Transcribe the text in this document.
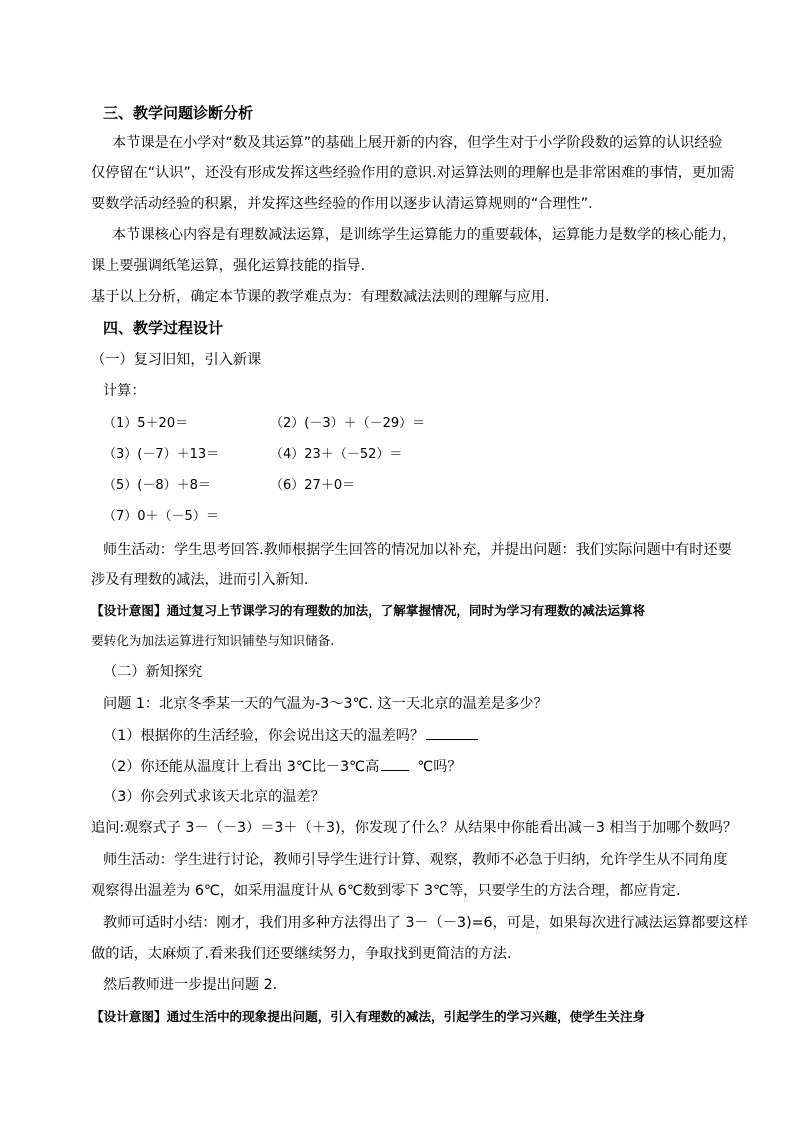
三、教学问题诊断分析
本节课是在小学对“数及其运算”的基础上展开新的内容，但学生对于小学阶段数的运算的认识经验
仅停留在“认识”，还没有形成发挥这些经验作用的意识.对运算法则的理解也是非常困难的事情，更加需
要数学活动经验的积累，并发挥这些经验的作用以逐步认清运算规则的“合理性”.
本节课核心内容是有理数减法运算，是训练学生运算能力的重要载体，运算能力是数学的核心能力，
课上要强调纸笔运算，强化运算技能的指导.
基于以上分析，确定本节课的教学难点为：有理数减法法则的理解与应用.
四、教学过程设计
（一）复习旧知，引入新课
计算：
（1）5＋20＝	（2）(－3）＋（－29）＝
（3）(－7）＋13＝	（4）23＋（－52）＝
（5）(－8）＋8＝	（6）27＋0＝
（7）0＋（－5）＝
师生活动：学生思考回答.教师根据学生回答的情况加以补充，并提出问题：我们实际问题中有时还要
涉及有理数的减法，进而引入新知.
【设计意图】通过复习上节课学习的有理数的加法，了解掌握情况，同时为学习有理数的减法运算将
要转化为加法运算进行知识铺垫与知识储备.
（二）新知探究
问题 1：北京冬季某一天的气温为-3～3℃. 这一天北京的温差是多少？
（1）根据你的生活经验，你会说出这天的温差吗？
（2）你还能从温度计上看出 3℃比－3℃高	℃吗？
（3）你会列式求该天北京的温差？
追问:观察式子 3－（－3）＝3＋（＋3)，你发现了什么？从结果中你能看出减－3 相当于加哪个数吗？
师生活动：学生进行讨论，教师引导学生进行计算、观察，教师不必急于归纳，允许学生从不同角度
观察得出温差为 6℃，如采用温度计从 6℃数到零下 3℃等，只要学生的方法合理，都应肯定.
教师可适时小结：刚才，我们用多种方法得出了 3－（－3)=6，可是，如果每次进行减法运算都要这样
做的话，太麻烦了.看来我们还要继续努力，争取找到更简洁的方法.
然后教师进一步提出问题 2.
【设计意图】通过生活中的现象提出问题，引入有理数的减法，引起学生的学习兴趣，使学生关注身
